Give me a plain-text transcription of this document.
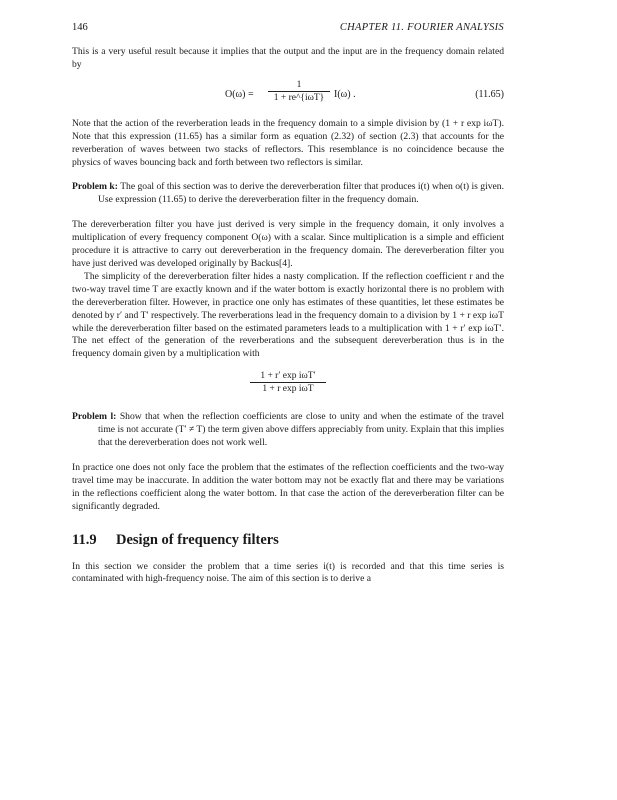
146	CHAPTER 11. FOURIER ANALYSIS

This is a very useful result because it implies that the output and the input are in the frequency domain related by

O(ω) =
1
1 + re^{iωT} I(ω) .	(11.65)

Note that the action of the reverberation leads in the frequency domain to a simple division by (1 + r exp iωT). Note that this expression (11.65) has a similar form as equation (2.32) of section (2.3) that accounts for the reverberation of waves between two stacks of reflectors. This resemblance is no coincidence because the physics of waves bouncing back and forth between two reflectors is similar.

Problem k: The goal of this section was to derive the dereverberation filter that produces i(t) when o(t) is given. Use expression (11.65) to derive the dereverberation filter in the frequency domain.

The dereverberation filter you have just derived is very simple in the frequency domain, it only involves a multiplication of every frequency component O(ω) with a scalar. Since multiplication is a simple and efficient procedure it is attractive to carry out dereverberation in the frequency domain. The dereverberation filter you have just derived was developed originally by Backus[4].

The simplicity of the dereverberation filter hides a nasty complication. If the reflection coefficient r and the two-way travel time T are exactly known and if the water bottom is exactly horizontal there is no problem with the dereverberation filter. However, in practice one only has estimates of these quantities, let these estimates be denoted by r′ and T′ respectively. The reverberations lead in the frequency domain to a division by 1 + r exp iωT while the dereverberation filter based on the estimated parameters leads to a multiplication with 1 + r′ exp iωT′. The net effect of the generation of the reverberations and the subsequent dereverberation thus is in the frequency domain given by a multiplication with

1 + r′ exp iωT′
1 + r exp iωT
Problem l: Show that when the reflection coefficients are close to unity and when the estimate of the travel time is not accurate (T′ ≠ T) the term given above differs appreciably from unity. Explain that this implies that the dereverberation does not work well.

In practice one does not only face the problem that the estimates of the reflection coefficients and the two-way travel time may be inaccurate. In addition the water bottom may not be exactly flat and there may be variations in the reflections coefficient along the water bottom. In that case the action of the dereverberation filter can be significantly degraded.

11.9 Design of frequency filters

In this section we consider the problem that a time series i(t) is recorded and that this time series is contaminated with high-frequency noise. The aim of this section is to derive a
